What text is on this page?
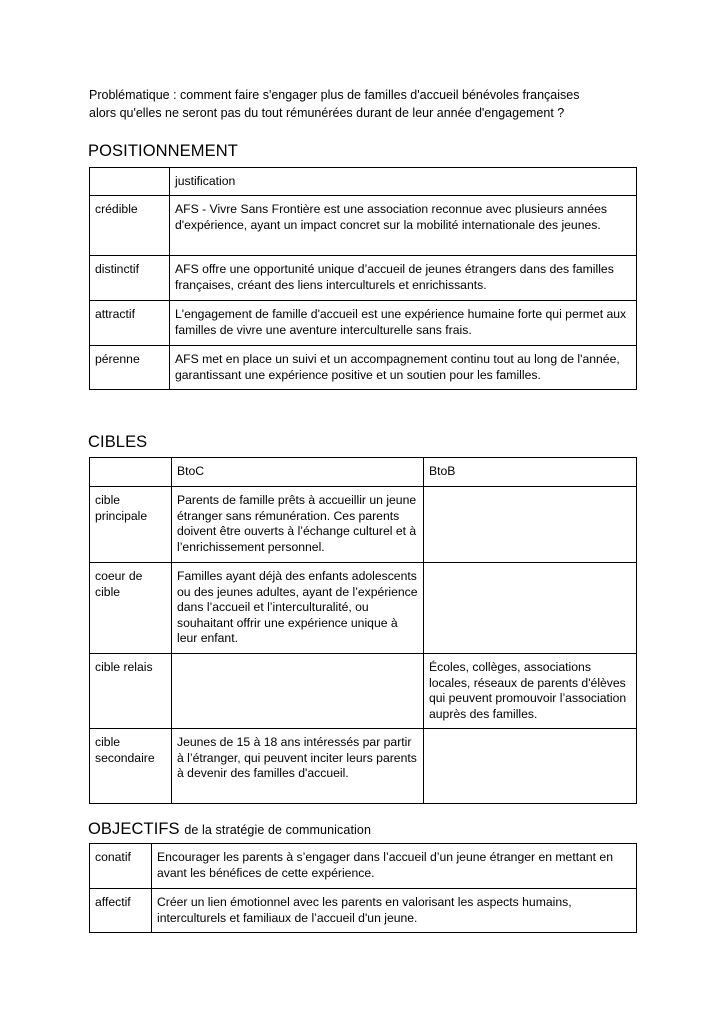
Problématique : comment faire s'engager plus de familles d'accueil bénévoles françaises
alors qu'elles ne seront pas du tout rémunérées durant de leur année d'engagement ?
POSITIONNEMENT
	justification
crédible	AFS - Vivre Sans Frontière est une association reconnue avec plusieurs années d'expérience, ayant un impact concret sur la mobilité internationale des jeunes.
distinctif	AFS offre une opportunité unique d’accueil de jeunes étrangers dans des familles françaises, créant des liens interculturels et enrichissants.
attractif	L'engagement de famille d'accueil est une expérience humaine forte qui permet aux familles de vivre une aventure interculturelle sans frais.
pérenne	AFS met en place un suivi et un accompagnement continu tout au long de l'année, garantissant une expérience positive et un soutien pour les familles.
CIBLES
	BtoC	BtoB
cible principale	Parents de famille prêts à accueillir un jeune étranger sans rémunération. Ces parents doivent être ouverts à l’échange culturel et à l’enrichissement personnel.	
coeur de cible	Familles ayant déjà des enfants adolescents ou des jeunes adultes, ayant de l’expérience dans l’accueil et l’interculturalité, ou souhaitant offrir une expérience unique à leur enfant.	
cible relais		Écoles, collèges, associations locales, réseaux de parents d'élèves qui peuvent promouvoir l’association auprès des familles.
cible secondaire	Jeunes de 15 à 18 ans intéressés par partir à l’étranger, qui peuvent inciter leurs parents à devenir des familles d'accueil.	
OBJECTIFS de la stratégie de communication
conatif	Encourager les parents à s’engager dans l’accueil d’un jeune étranger en mettant en avant les bénéfices de cette expérience.
affectif	Créer un lien émotionnel avec les parents en valorisant les aspects humains, interculturels et familiaux de l’accueil d'un jeune.
